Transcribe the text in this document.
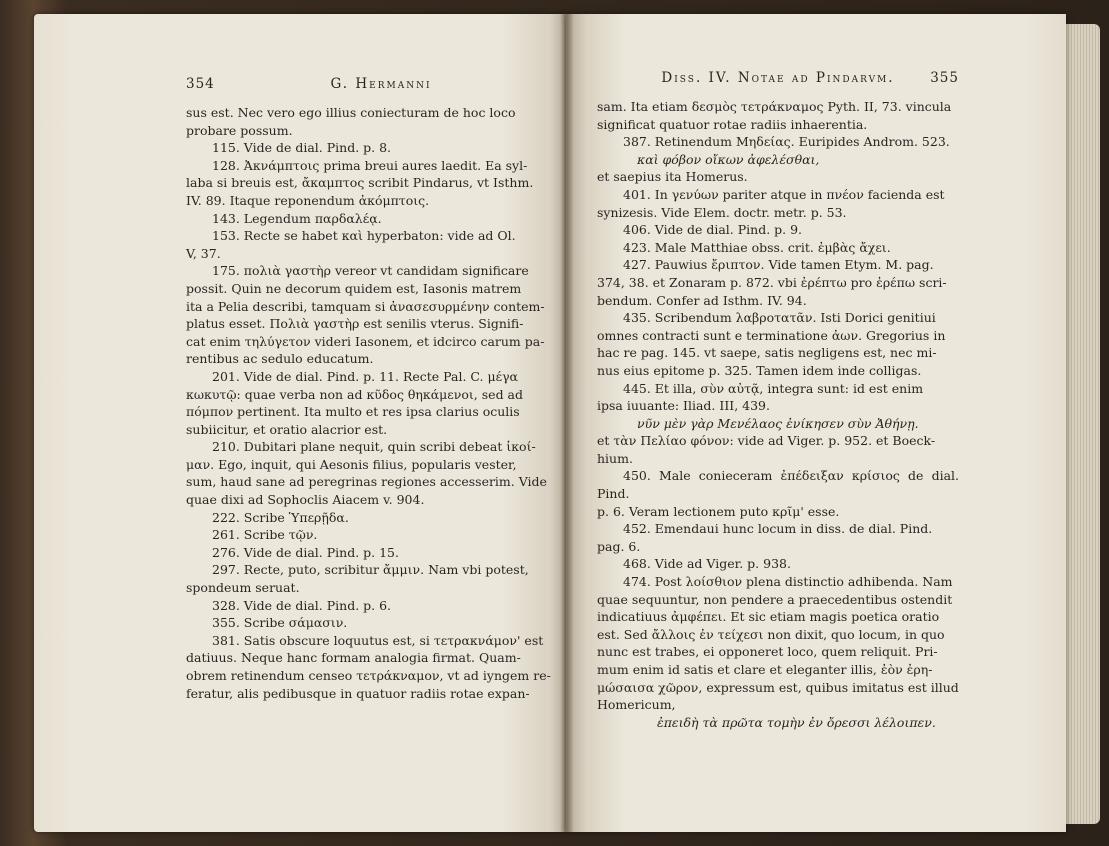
354	G. Hermanni

sus est. Nec vero ego illius coniecturam de hoc loco

probare possum.

115. Vide de dial. Pind. p. 8.

128. Ἀκνάμπτοις prima breui aures laedit. Ea syl-

laba si breuis est, ἄκαμπτος scribit Pindarus, vt Isthm.

IV. 89. Itaque reponendum ἀκόμπτοις.

143. Legendum παρδαλέᾳ.

153. Recte se habet καὶ hyperbaton: vide ad Ol.

V, 37.

175. πολιὰ γαστὴρ vereor vt candidam significare

possit. Quin ne decorum quidem est, Iasonis matrem

ita a Pelia describi, tamquam si ἀνασεσυρμένην contem-

platus esset. Πολιὰ γαστὴρ est senilis vterus. Signifi-

cat enim τηλύγετον videri Iasonem, et idcirco carum pa-

rentibus ac sedulo educatum.

201. Vide de dial. Pind. p. 11. Recte Pal. C. μέγα

κωκυτῷ: quae verba non ad κῦδος θηκάμενοι, sed ad

πόμπον pertinent. Ita multo et res ipsa clarius oculis

subiicitur, et oratio alacrior est.

210. Dubitari plane nequit, quin scribi debeat ἱκοί-

μαν. Ego, inquit, qui Aesonis filius, popularis vester,

sum, haud sane ad peregrinas regiones accesserim. Vide

quae dixi ad Sophoclis Aiacem v. 904.

222. Scribe Ὑπερῇδα.

261. Scribe τῷν.

276. Vide de dial. Pind. p. 15.

297. Recte, puto, scribitur ἄμμιν. Nam vbi potest,

spondeum seruat.

328. Vide de dial. Pind. p. 6.

355. Scribe σάμασιν.

381. Satis obscure loquutus est, si τετρακνάμον' est

datiuus. Neque hanc formam analogia firmat. Quam-

obrem retinendum censeo τετράκναμον, vt ad iyngem re-

feratur, alis pedibusque in quatuor radiis rotae expan-

Diss. IV. Notae ad Pindarvm.	355

sam. Ita etiam δεσμὸς τετράκναμος Pyth. II, 73. vincula

significat quatuor rotae radiis inhaerentia.

387. Retinendum Μηδείας. Euripides Androm. 523.

καὶ φόβον οἴκων ἀφελέσθαι,

et saepius ita Homerus.

401. In γενύων pariter atque in πνέον facienda est

synizesis. Vide Elem. doctr. metr. p. 53.

406. Vide de dial. Pind. p. 9.

423. Male Matthiae obss. crit. ἐμβὰς ἄχει.

427. Pauwius ἔριπτον. Vide tamen Etym. M. pag.

374, 38. et Zonaram p. 872. vbi ἐρέπτω pro ἐρέπω scri-

bendum. Confer ad Isthm. IV. 94.

435. Scribendum λαβροτατᾶν. Isti Dorici genitiui

omnes contracti sunt e terminatione ἀων. Gregorius in

hac re pag. 145. vt saepe, satis negligens est, nec mi-

nus eius epitome p. 325. Tamen idem inde colligas.

445. Et illa, σὺν αὐτᾷ, integra sunt: id est enim

ipsa iuuante: Iliad. III, 439.

νῦν μὲν γὰρ Μενέλαος ἐνίκησεν σὺν Ἀθήνῃ.

et τὰν Πελίαο φόνον: vide ad Viger. p. 952. et Boeck-

hium.

450. Male conieceram ἐπέδειξαν κρίσιος de dial. Pind.

p. 6. Veram lectionem puto κρῖμ' esse.

452. Emendaui hunc locum in diss. de dial. Pind.

pag. 6.

468. Vide ad Viger. p. 938.

474. Post λοίσθιον plena distinctio adhibenda. Nam

quae sequuntur, non pendere a praecedentibus ostendit

indicatiuus ἀμφέπει. Et sic etiam magis poetica oratio

est. Sed ἄλλοις ἐν τείχεσι non dixit, quo locum, in quo

nunc est trabes, ei opponeret loco, quem reliquit. Pri-

mum enim id satis et clare et eleganter illis, ἐὸν ἐρη-

μώσαισα χῶρον, expressum est, quibus imitatus est illud

Homericum,

ἐπειδὴ τὰ πρῶτα τομὴν ἐν ὄρεσσι λέλοιπεν.
